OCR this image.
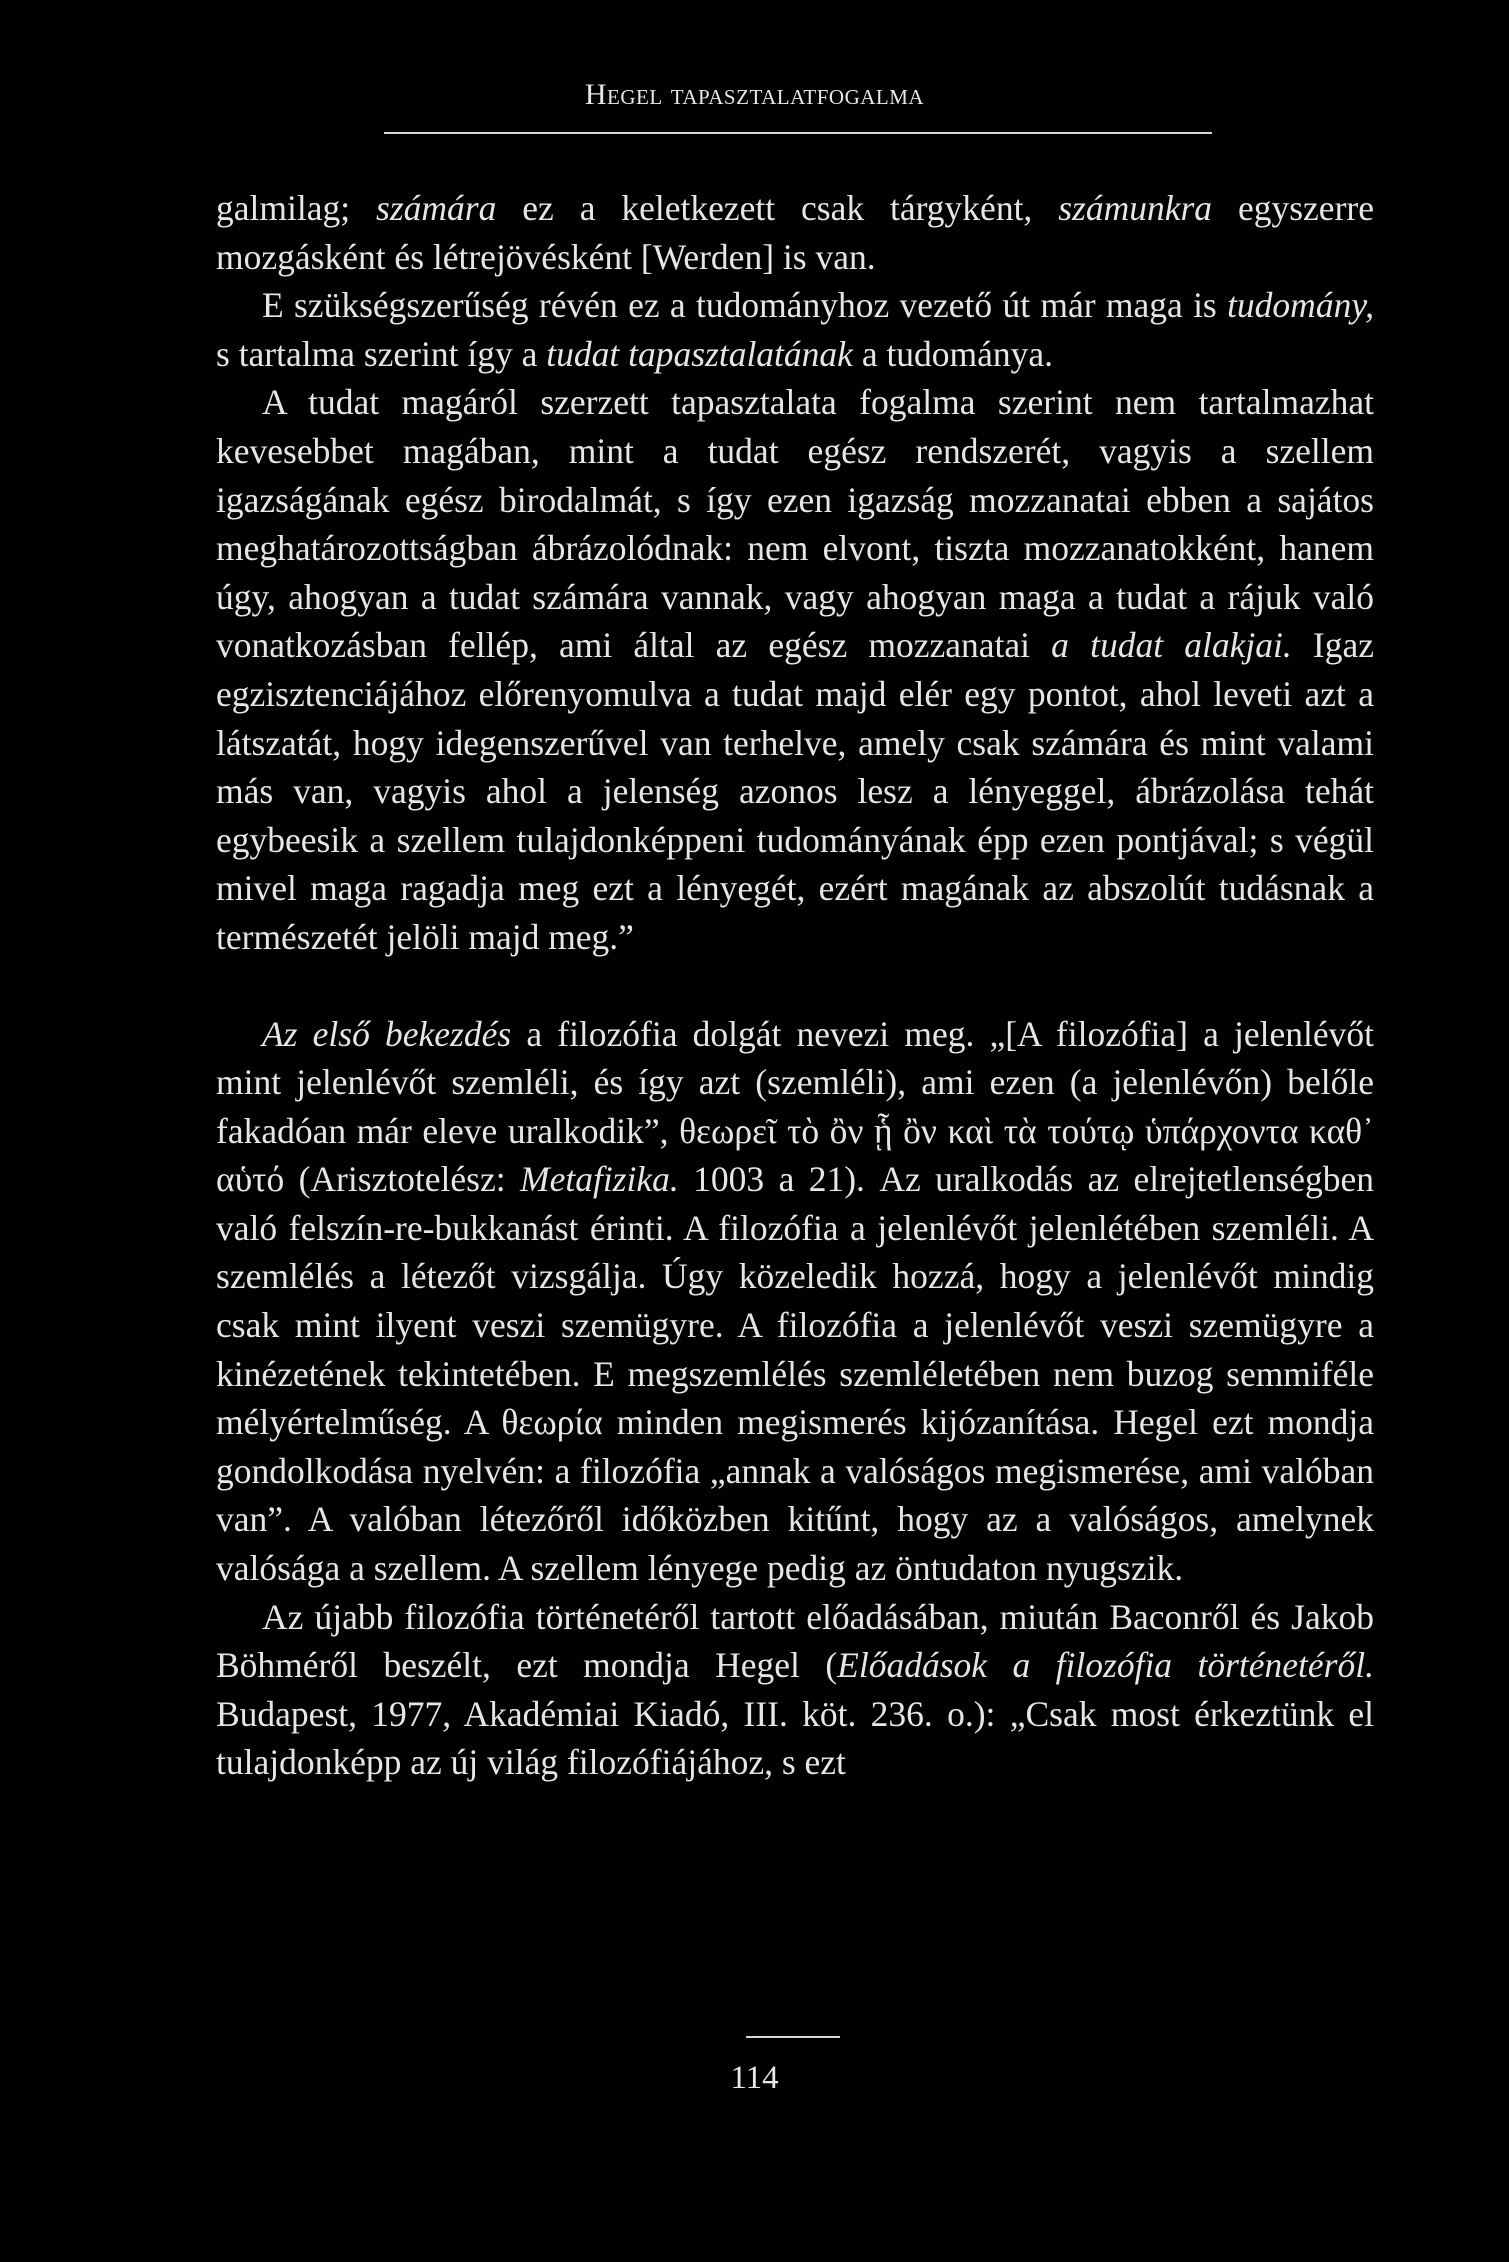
Hegel tapasztalatfogalma

galmilag; számára ez a keletkezett csak tárgyként, számunkra egyszerre mozgásként és létrejövésként [Werden] is van.

E szükségszerűség révén ez a tudományhoz vezető út már maga is tudomány, s tartalma szerint így a tudat tapasztalatának a tudománya.

A tudat magáról szerzett tapasztalata fogalma szerint nem tartalmazhat kevesebbet magában, mint a tudat egész rendszerét, vagyis a szellem igazságának egész birodalmát, s így ezen igazság mozzanatai ebben a sajátos meghatározottságban ábrázolódnak: nem elvont, tiszta mozzanatokként, hanem úgy, ahogyan a tudat számára vannak, vagy ahogyan maga a tudat a rájuk való vonatkozásban fellép, ami által az egész mozzanatai a tudat alakjai. Igaz egzisztenciájához előrenyomulva a tudat majd elér egy pontot, ahol leveti azt a látszatát, hogy idegenszerűvel van terhelve, amely csak számára és mint valami más van, vagyis ahol a jelenség azonos lesz a lényeggel, ábrázolása tehát egybeesik a szellem tulajdonképpeni tudományának épp ezen pontjával; s végül mivel maga ragadja meg ezt a lényegét, ezért magának az abszolút tudásnak a természetét jelöli majd meg.”

Az első bekezdés a filozófia dolgát nevezi meg. „[A filozófia] a jelenlévőt mint jelenlévőt szemléli, és így azt (szemléli), ami ezen (a jelenlévőn) belőle fakadóan már eleve uralkodik”, θεωρεῖ τὸ ὂν ᾗ ὂν καὶ τὰ τούτῳ ὑπάρχοντα καθ᾽ αὑτό (Arisztotelész: Metafizika. 1003 a 21). Az uralkodás az elrejtetlenségben való felszín-re-bukkanást érinti. A filozófia a jelenlévőt jelenlétében szemléli. A szemlélés a létezőt vizsgálja. Úgy közeledik hozzá, hogy a jelenlévőt mindig csak mint ilyent veszi szemügyre. A filozófia a jelenlévőt veszi szemügyre a kinézetének tekintetében. E megszemlélés szemléletében nem buzog semmiféle mélyértelműség. A θεωρία minden megismerés kijózanítása. Hegel ezt mondja gondolkodása nyelvén: a filozófia „annak a valóságos megismerése, ami valóban van”. A valóban létezőről időközben kitűnt, hogy az a valóságos, amelynek valósága a szellem. A szellem lényege pedig az öntudaton nyugszik.

Az újabb filozófia történetéről tartott előadásában, miután Baconről és Jakob Böhméről beszélt, ezt mondja Hegel (Előadások a filozófia történetéről. Budapest, 1977, Akadémiai Kiadó, III. köt. 236. o.): „Csak most érkeztünk el tulajdonképp az új világ filozófiájához, s ezt

114
